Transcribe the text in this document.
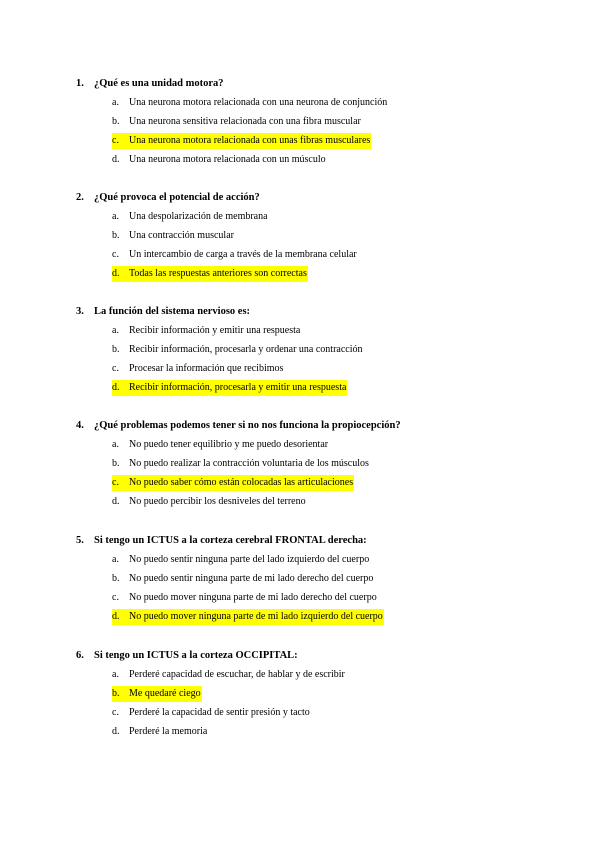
1. ¿Qué es una unidad motora?
a. Una neurona motora relacionada con una neurona de conjunción
b. Una neurona sensitiva relacionada con una fibra muscular
c. Una neurona motora relacionada con unas fibras musculares
d. Una neurona motora relacionada con un músculo
2. ¿Qué provoca el potencial de acción?
a. Una despolarización de membrana
b. Una contracción muscular
c. Un intercambio de carga a través de la membrana celular
d. Todas las respuestas anteriores son correctas
3. La función del sistema nervioso es:
a. Recibir información y emitir una respuesta
b. Recibir información, procesarla y ordenar una contracción
c. Procesar la información que recibimos
d. Recibir información, procesarla y emitir una respuesta
4. ¿Qué problemas podemos tener si no nos funciona la propiocepción?
a. No puedo tener equilibrio y me puedo desorientar
b. No puedo realizar la contracción voluntaria de los músculos
c. No puedo saber cómo están colocadas las articulaciones
d. No puedo percibir los desniveles del terreno
5. Si tengo un ICTUS a la corteza cerebral FRONTAL derecha:
a. No puedo sentir ninguna parte del lado izquierdo del cuerpo
b. No puedo sentir ninguna parte de mi lado derecho del cuerpo
c. No puedo mover ninguna parte de mi lado derecho del cuerpo
d. No puedo mover ninguna parte de mi lado izquierdo del cuerpo
6. Si tengo un ICTUS a la corteza OCCIPITAL:
a. Perderé capacidad de escuchar, de hablar y de escribir
b. Me quedaré ciego
c. Perderé la capacidad de sentir presión y tacto
d. Perderé la memoria
